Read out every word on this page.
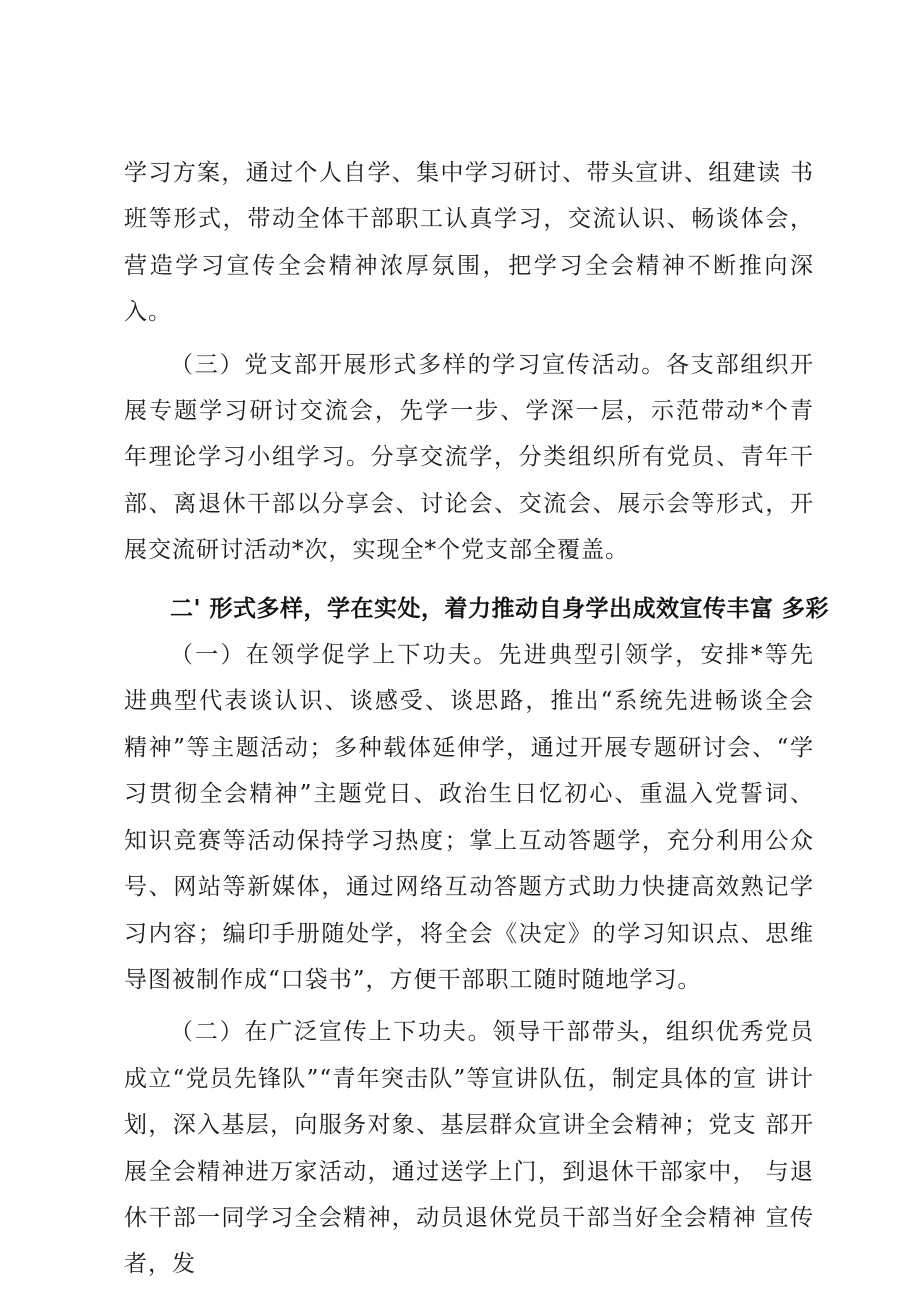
学习方案，通过个人自学、集中学习研讨、带头宣讲、组建读 书班等形式，带动全体干部职工认真学习，交流认识、畅谈体会，营造学习宣传全会精神浓厚氛围，把学习全会精神不断推向深 入。

（三）党支部开展形式多样的学习宣传活动。各支部组织开 展专题学习研讨交流会，先学一步、学深一层，示范带动*个青 年理论学习小组学习。分享交流学，分类组织所有党员、青年干 部、离退休干部以分享会、讨论会、交流会、展示会等形式，开 展交流研讨活动*次，实现全*个党支部全覆盖。

二' 形式多样，学在实处，着力推动自身学出成效宣传丰富 多彩

（一）在领学促学上下功夫。先进典型引领学，安排*等先 进典型代表谈认识、谈感受、谈思路，推出“系统先进畅谈全会 精神”等主题活动；多种载体延伸学，通过开展专题研讨会、“学 习贯彻全会精神”主题党日、政治生日忆初心、重温入党誓词、 知识竞赛等活动保持学习热度；掌上互动答题学，充分利用公众 号、网站等新媒体，通过网络互动答题方式助力快捷高效熟记学 习内容；编印手册随处学，将全会《决定》的学习知识点、思维 导图被制作成“口袋书”，方便干部职工随时随地学习。

（二）在广泛宣传上下功夫。领导干部带头，组织优秀党员 成立“党员先锋队”“青年突击队”等宣讲队伍，制定具体的宣 讲计划，深入基层，向服务对象、基层群众宣讲全会精神；党支 部开展全会精神进万家活动，通过送学上门，到退休干部家中， 与退休干部一同学习全会精神，动员退休党员干部当好全会精神 宣传者，发
